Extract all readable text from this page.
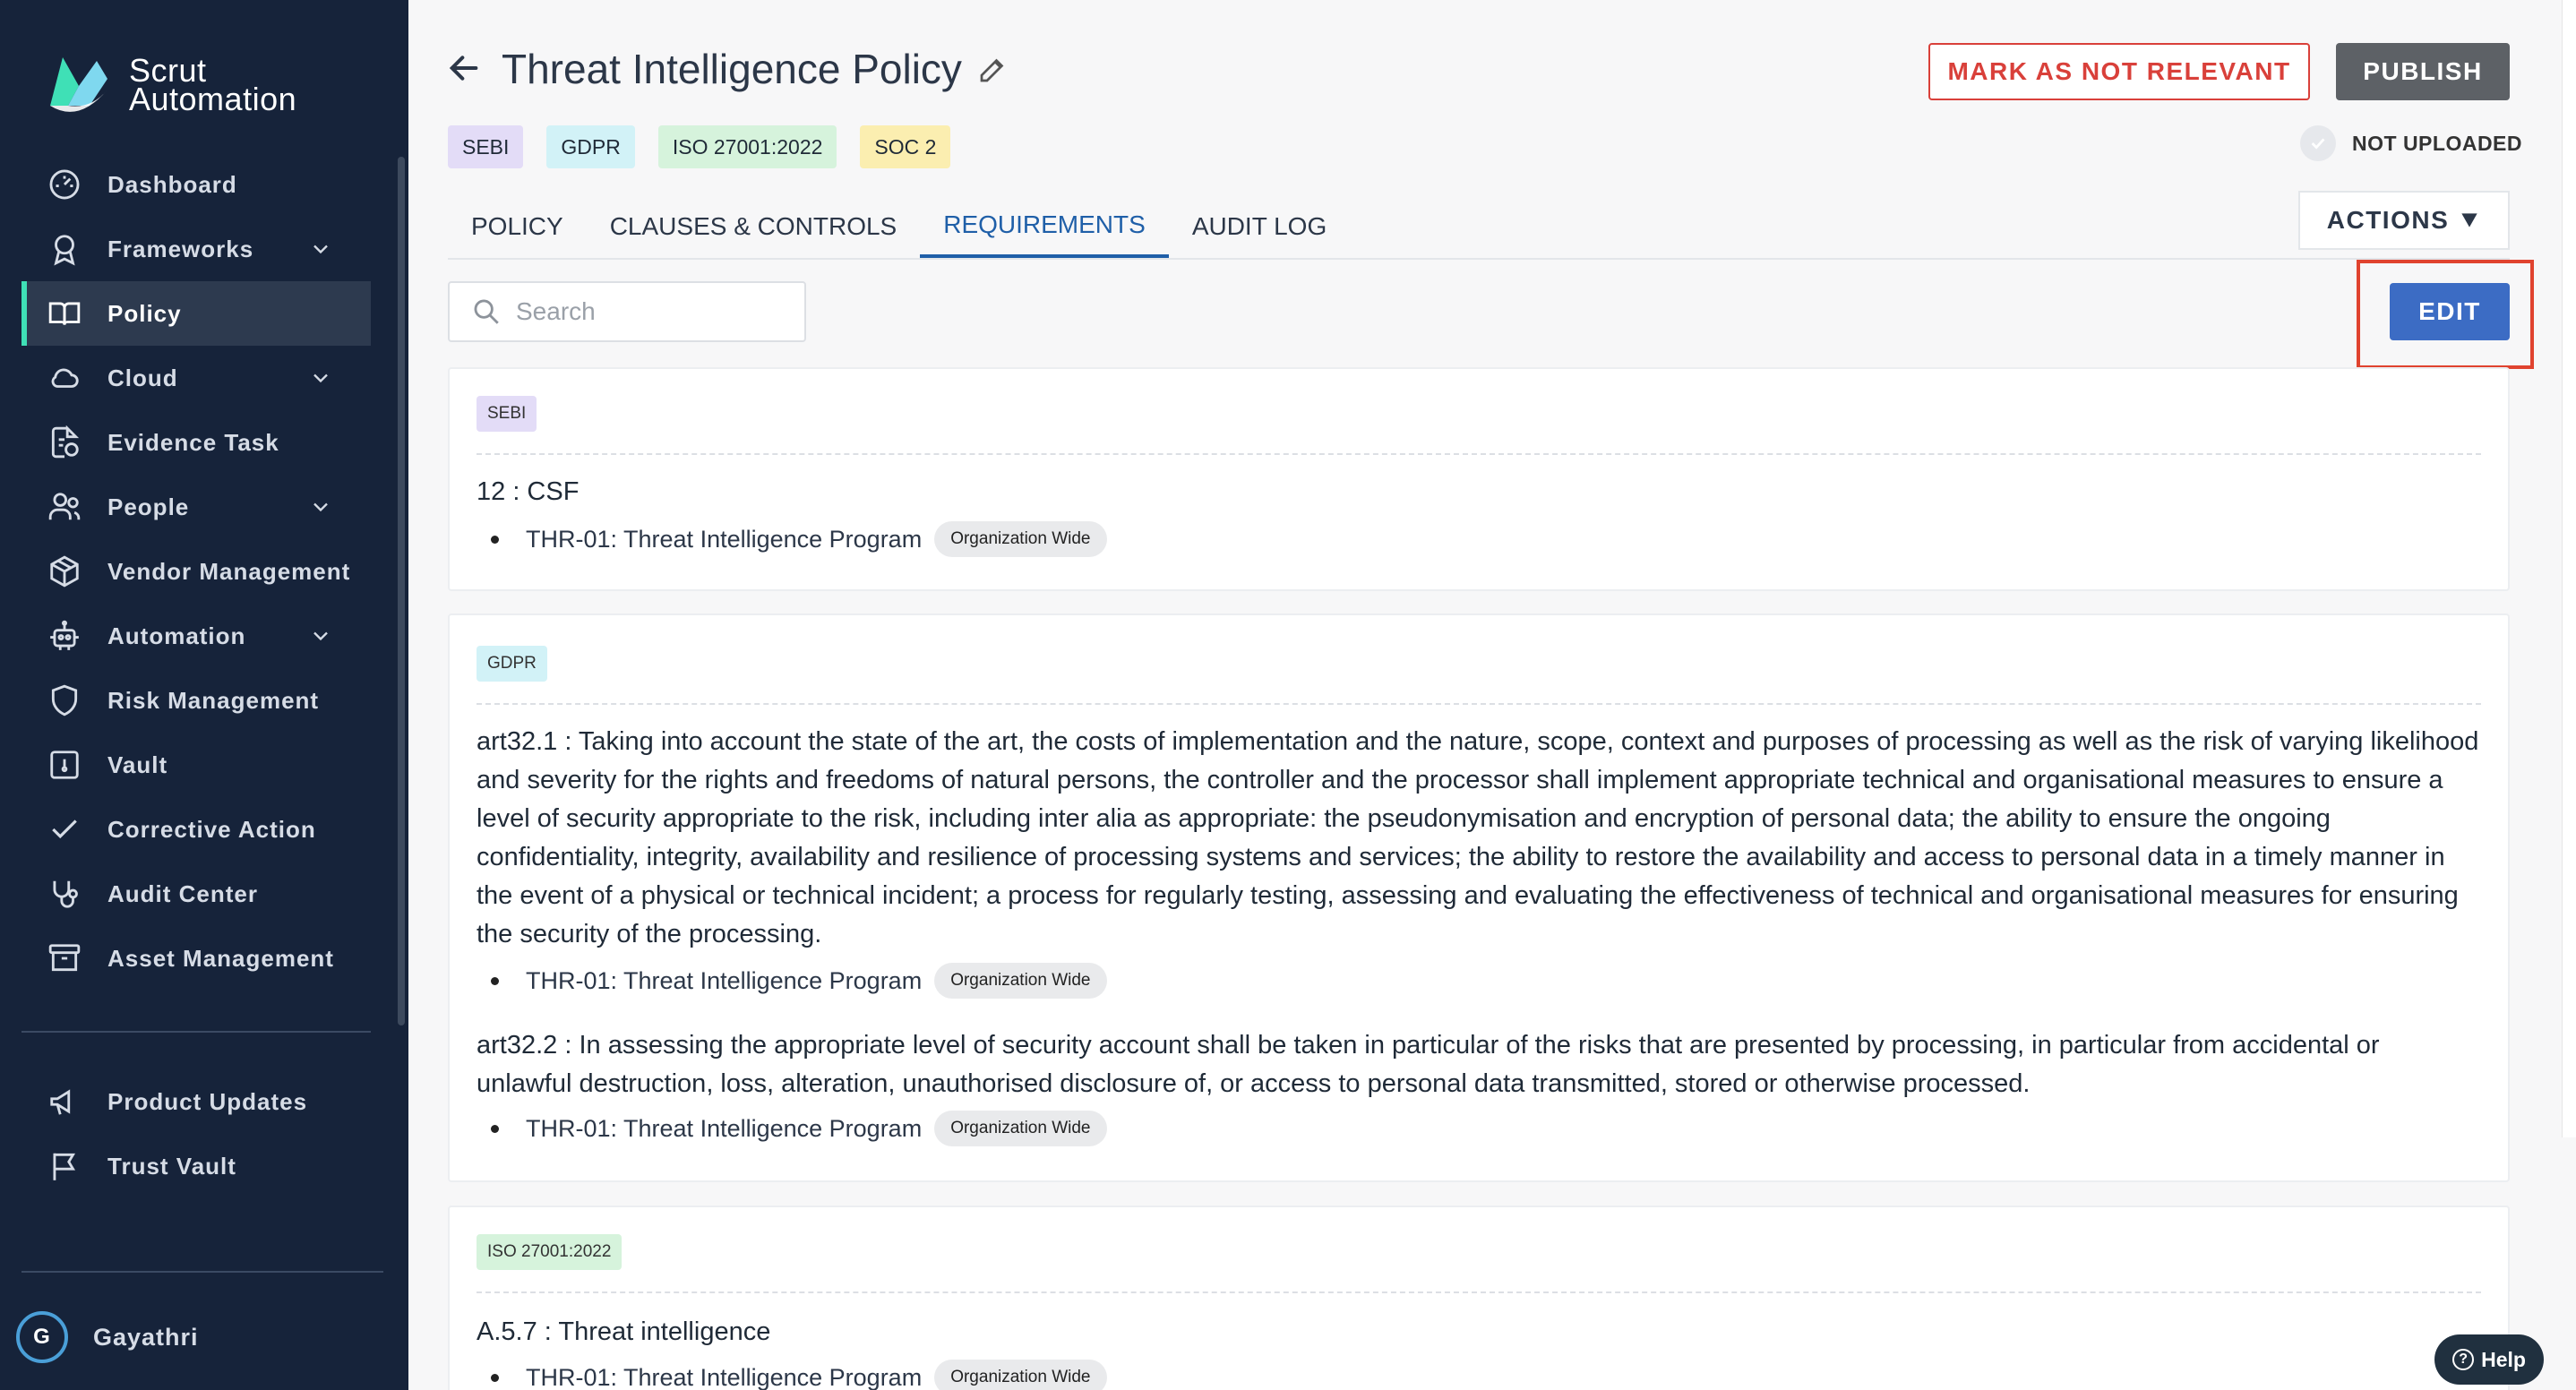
Scrut
Automation
Dashboard
Frameworks
Policy
Cloud
Evidence Task
People
Vendor Management
Automation
Risk Management
Vault
Corrective Action
Audit Center
Asset Management
Product Updates
Trust Vault
G	Gayathri
Threat Intelligence Policy	MARK AS NOT RELEVANT	PUBLISH
SEBI	GDPR	ISO 27001:2022	SOC 2	NOT UPLOADED
POLICY	CLAUSES & CONTROLS	REQUIREMENTS	AUDIT LOG	ACTIONS
Search
EDIT
SEBI
12 : CSF
THR-01: Threat Intelligence Program	Organization Wide
GDPR
art32.1 : Taking into account the state of the art, the costs of implementation and the nature, scope, context and purposes of processing as well as the risk of varying likelihood and severity for the rights and freedoms of natural persons, the controller and the processor shall implement appropriate technical and organisational measures to ensure a level of security appropriate to the risk, including inter alia as appropriate: the pseudonymisation and encryption of personal data; the ability to ensure the ongoing confidentiality, integrity, availability and resilience of processing systems and services; the ability to restore the availability and access to personal data in a timely manner in the event of a physical or technical incident; a process for regularly testing, assessing and evaluating the effectiveness of technical and organisational measures for ensuring the security of the processing.
THR-01: Threat Intelligence Program	Organization Wide
art32.2 : In assessing the appropriate level of security account shall be taken in particular of the risks that are presented by processing, in particular from accidental or unlawful destruction, loss, alteration, unauthorised disclosure of, or access to personal data transmitted, stored or otherwise processed.
THR-01: Threat Intelligence Program	Organization Wide
ISO 27001:2022
A.5.7 : Threat intelligence
THR-01: Threat Intelligence Program	Organization Wide
? Help
